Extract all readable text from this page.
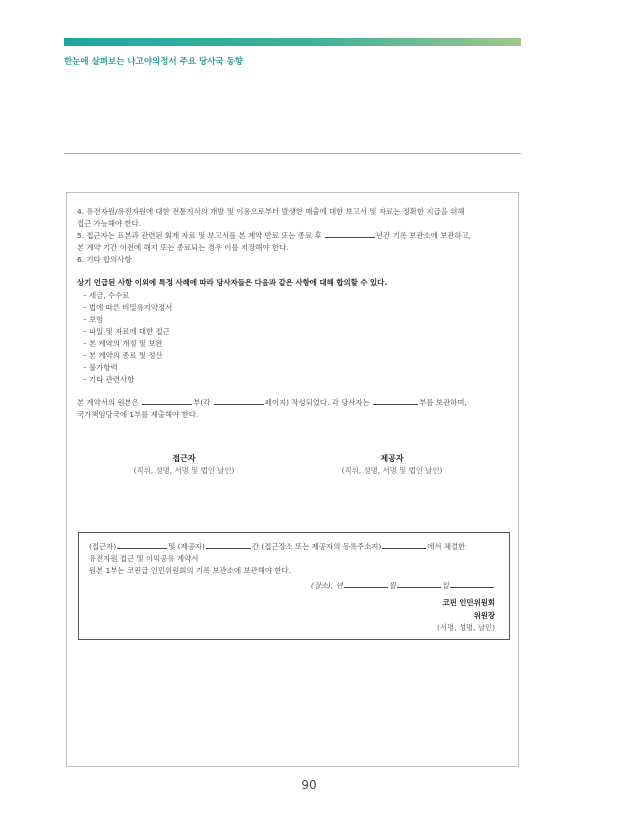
한눈에 살펴보는 나고야의정서 주요 당사국 동향

4. 유전자원/유전자원에 대한 전통지식의 개발 및 이용으로부터 발생한 매출에 대한 보고서 및 자료는 정확한 지급을 위해

접근 가능해야 한다.

5. 접근자는 표본과 관련된 회계 자료 및 보고서를 본 계약 만료 또는 종료 후	년간 기록 보관소에 보관하고,

본 계약 기간 이전에 해지 또는 종료되는 경우 이를 저장해야 한다.

6. 기타 합의사항

상기 언급된 사항 이외에 특정 사례에 따라 당사자들은 다음과 같은 사항에 대해 합의할 수 있다.

– 세금, 수수료
– 법에 따른 비밀유지약정서
– 보험
– 파일 및 자료에 대한 접근
– 본 계약의 개정 및 보완
– 본 계약의 종료 및 정산
– 불가항력
– 기타 관련사항

본 계약서의 원본은	부(각	페이지) 작성되었다. 각 당사자는	부를 보관하며,

국가책임당국에 1부를 제출해야 한다.

접근자
(직위, 성명, 서명 및 법인 날인)
제공자
(직위, 성명, 서명 및 법인 날인)

(접근자)	및 (제공자)	간 (접근장소 또는 제공자의 등록주소지)	에서 체결한

유전자원 접근 및 이익공유 계약서

원본 1부는 코핀급 인민위원회의 기록 보관소에 보관해야 한다.

(장소), 년	월	일
코핀 인민위원회
위원장
(서명, 성명, 날인)
90
